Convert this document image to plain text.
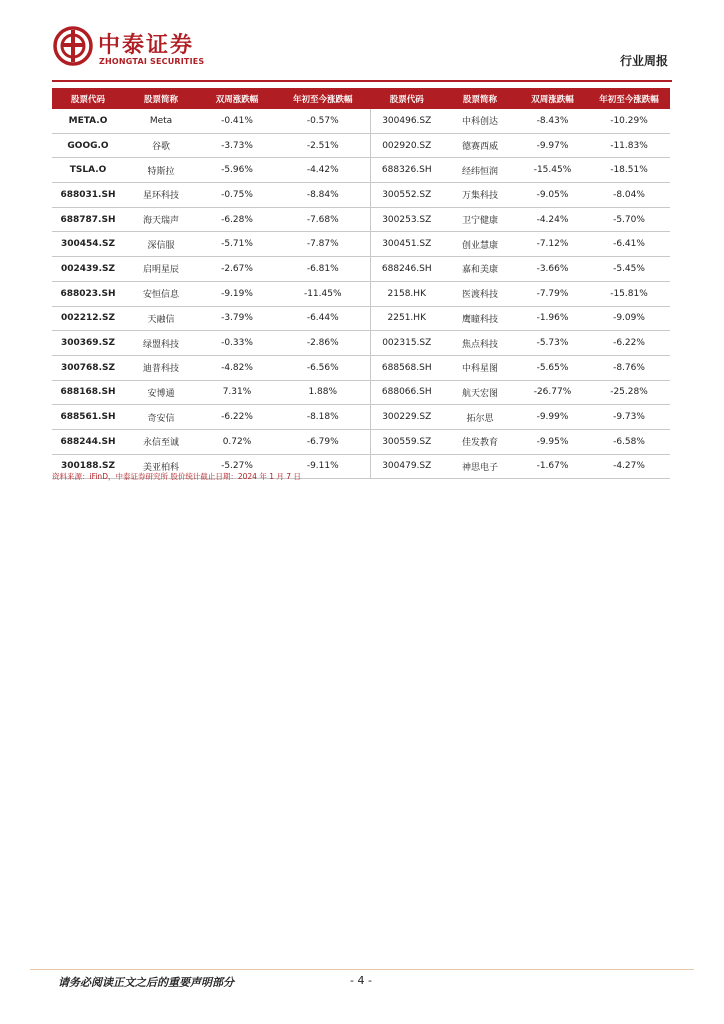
中泰证券
ZHONGTAI SECURITIES	行业周报
股票代码	股票简称	双周涨跌幅	年初至今涨跌幅	股票代码	股票简称	双周涨跌幅	年初至今涨跌幅
META.O	Meta	-0.41%	-0.57%	300496.SZ	中科创达	-8.43%	-10.29%
GOOG.O	谷歌	-3.73%	-2.51%	002920.SZ	德赛西威	-9.97%	-11.83%
TSLA.O	特斯拉	-5.96%	-4.42%	688326.SH	经纬恒润	-15.45%	-18.51%
688031.SH	星环科技	-0.75%	-8.84%	300552.SZ	万集科技	-9.05%	-8.04%
688787.SH	海天瑞声	-6.28%	-7.68%	300253.SZ	卫宁健康	-4.24%	-5.70%
300454.SZ	深信服	-5.71%	-7.87%	300451.SZ	创业慧康	-7.12%	-6.41%
002439.SZ	启明星辰	-2.67%	-6.81%	688246.SH	嘉和美康	-3.66%	-5.45%
688023.SH	安恒信息	-9.19%	-11.45%	2158.HK	医渡科技	-7.79%	-15.81%
002212.SZ	天融信	-3.79%	-6.44%	2251.HK	鹰瞳科技	-1.96%	-9.09%
300369.SZ	绿盟科技	-0.33%	-2.86%	002315.SZ	焦点科技	-5.73%	-6.22%
300768.SZ	迪普科技	-4.82%	-6.56%	688568.SH	中科星图	-5.65%	-8.76%
688168.SH	安博通	7.31%	1.88%	688066.SH	航天宏图	-26.77%	-25.28%
688561.SH	奇安信	-6.22%	-8.18%	300229.SZ	拓尔思	-9.99%	-9.73%
688244.SH	永信至诚	0.72%	-6.79%	300559.SZ	佳发教育	-9.95%	-6.58%
300188.SZ	美亚柏科	-5.27%	-9.11%	300479.SZ	神思电子	-1.67%	-4.27%
资料来源：iFinD，中泰证券研究所 股价统计截止日期：2024 年 1 月 7 日
请务必阅读正文之后的重要声明部分	- 4 -
